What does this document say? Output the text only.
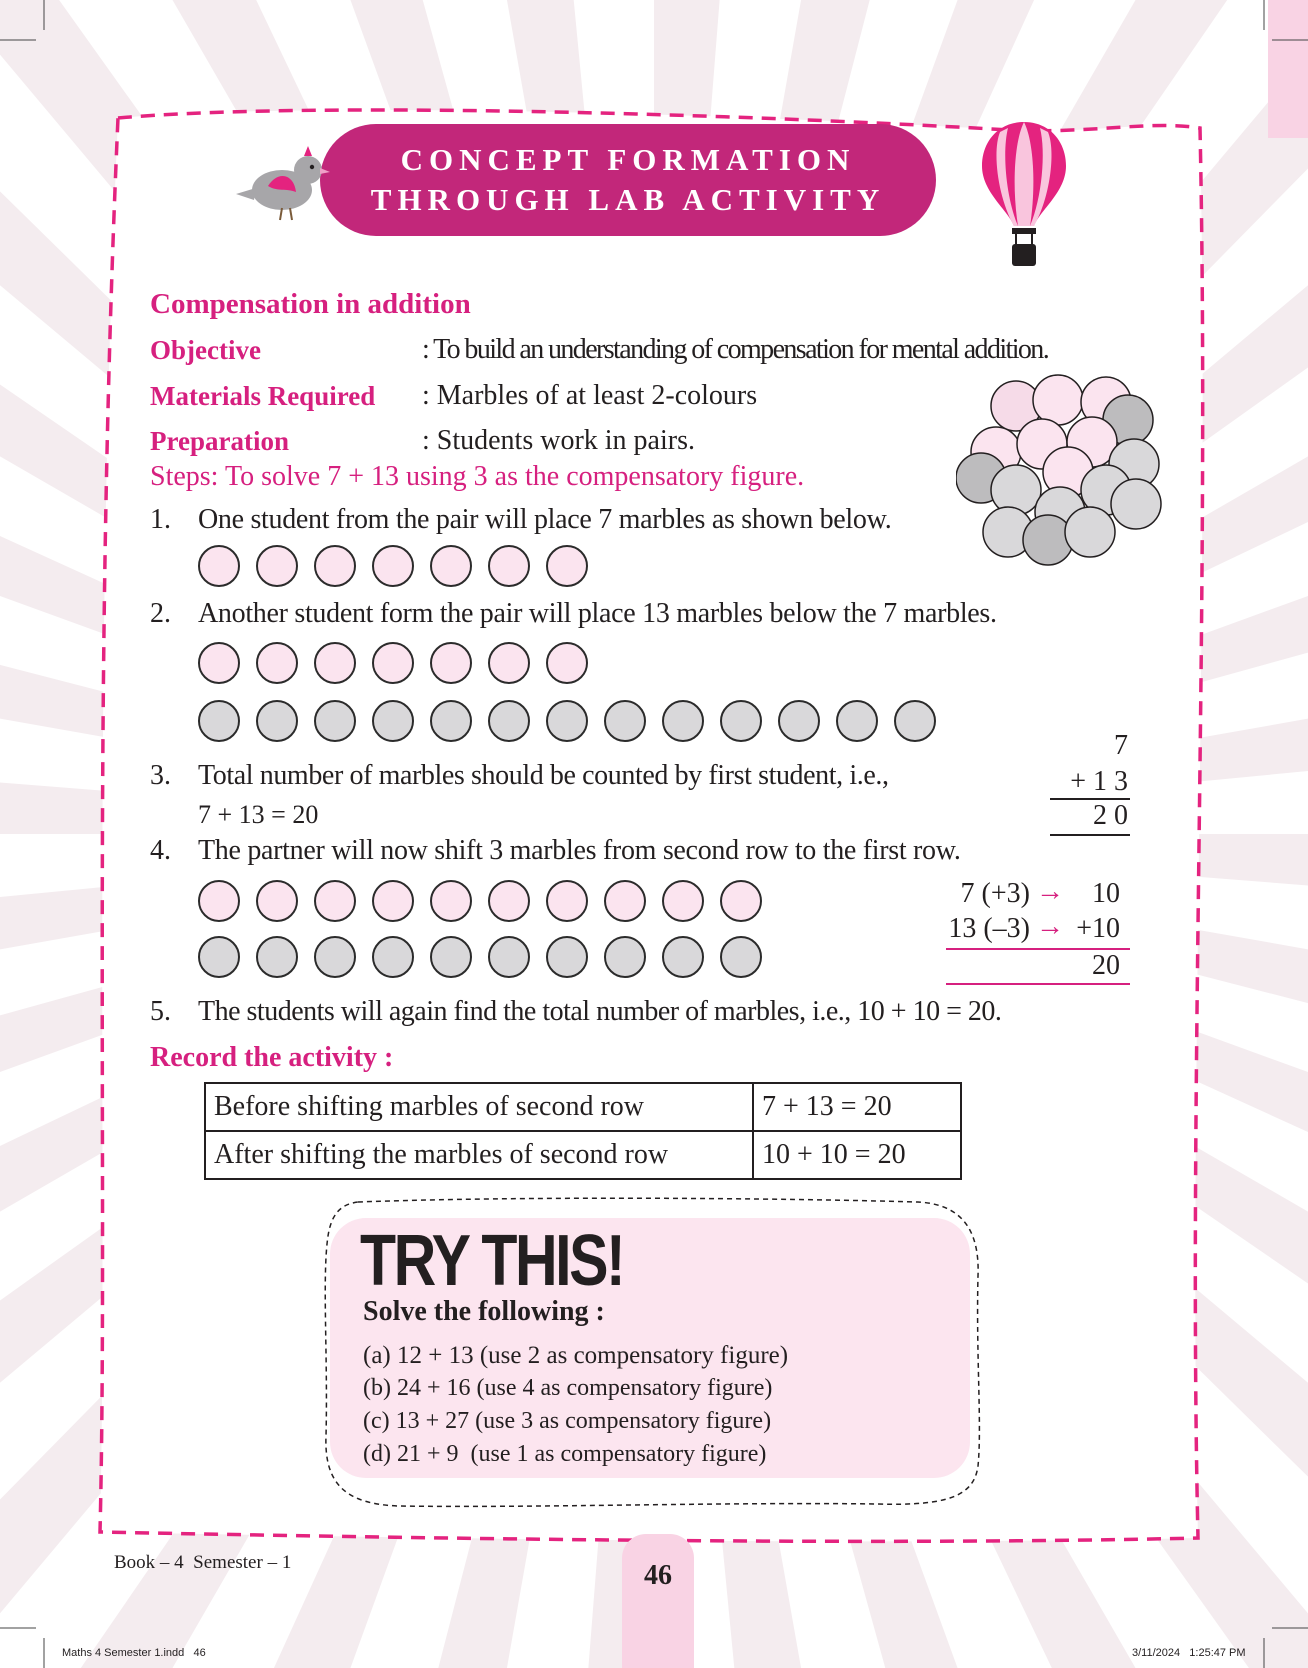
CONCEPT FORMATION
THROUGH LAB ACTIVITY
Compensation in addition
Objective	: To build an understanding of compensation for mental addition.
Materials Required : Marbles of at least 2-colours
Preparation	: Students work in pairs.
Steps: To solve 7 + 13 using 3 as the compensatory figure.
1. One student from the pair will place 7 marbles as shown below.
2. Another student form the pair will place 13 marbles below the 7 marbles.
3. Total number of marbles should be counted by first student, i.e.,
7 + 13 = 20
7
+ 1 3
2 0
4. The partner will now shift 3 marbles from second row to the first row.
7 (+3) →	10
13 (–3) → +10
20
5. The students will again find the total number of marbles, i.e., 10 + 10 = 20.
Record the activity :
Before shifting marbles of second row	7 + 13 = 20
After shifting the marbles of second row	10 + 10 = 20
TRY THIS!
Solve the following :
(a) 12 + 13 (use 2 as compensatory figure)
(b) 24 + 16 (use 4 as compensatory figure)
(c) 13 + 27 (use 3 as compensatory figure)
(d) 21 + 9  (use 1 as compensatory figure)
46
Book – 4  Semester – 1
Maths 4 Semester 1.indd   46	3/11/2024   1:25:47 PM
